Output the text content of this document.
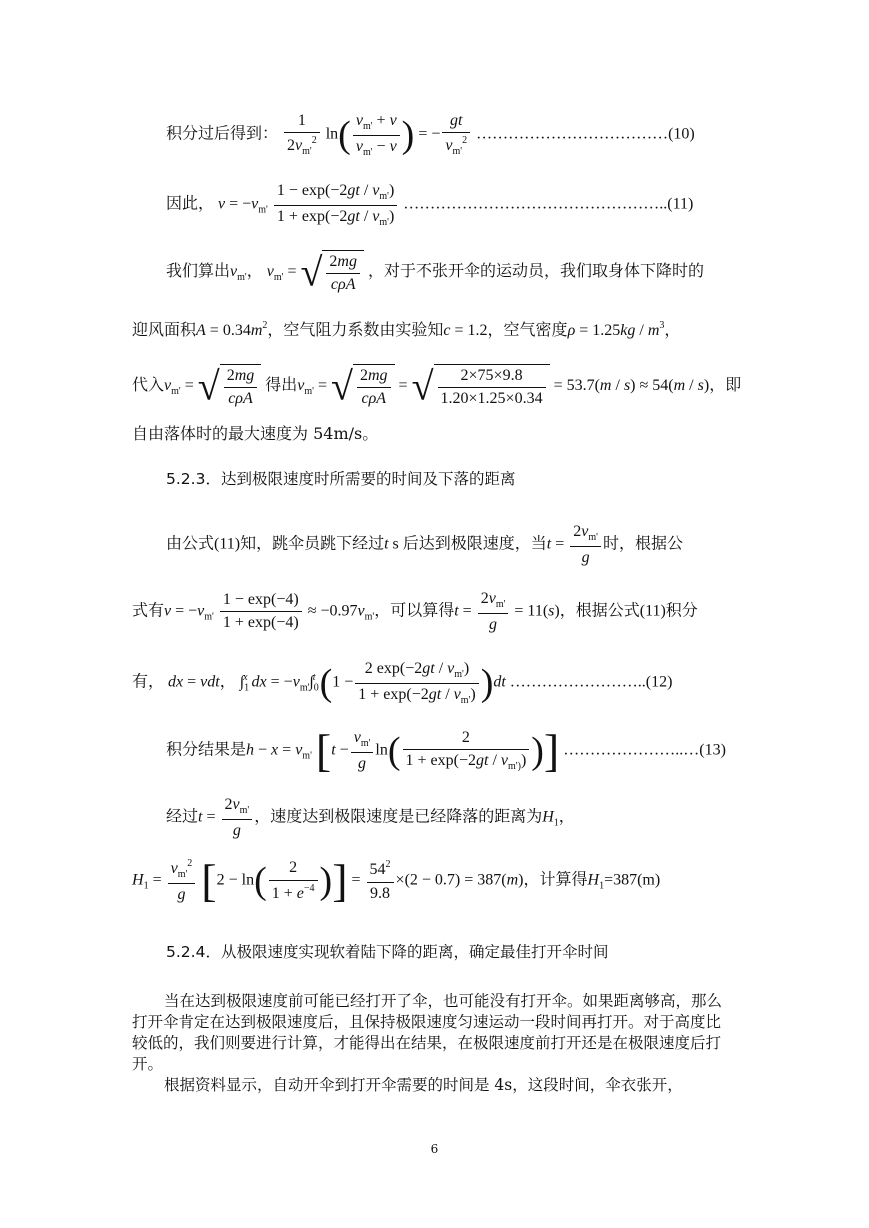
积分过后得到： $\frac{1}{2v_{m'}^2} \ln( \frac{v_{m'} + v}{v_{m'} - v}$ ) = − $\frac{gt}{v_{m'}^2}$ ………………………………(10)
因此， $v = -v_{m'} \frac{1 - \exp(-2gt / v_{m'})}{1 + \exp(-2gt / v_{m'})}$ …………………………………………..(11)
我们算出$v_{m'}$， $v_{m'}$ = √ $\frac{2mg}{\text{cρA}}$ ，对于不张开伞的运动员，我们取身体下降时的
迎风面积$A = 0.34m^2$，空气阻力系数由实验知c = 1.2，空气密度$\rho = 1.25kg / m^3$，
代入$v_{m'}$ = √ $\frac{2mg}{\text{cρA}}$ 得出$v_{m'}$ = √ $\frac{2mg}{\text{cρA}}$ = √ $\frac{2\times 75\times 9.8}{1.20\times 1.25\times 0.34} = 53.7(m / s) \approx 54(m / s)$，即
自由落体时的最大速度为 54m/s。
5.2.3．达到极限速度时所需要的时间及下落的距离
由公式(11)知，跳伞员跳下经过t s 后达到极限速度，当$t = \frac{2v_{m'}}{g}$ 时，根据公
式有$v = -v_{m'} \frac{1 - \exp(-4)}{1 + \exp(-4)} \approx -0.97v_{m'}$，可以算得$t = \frac{2v_{m'}}{g} = 11(s)$，根据公式(11)积分
有， dx = vdt， $\int_1^x$ dx = $-v_{m'}\int_0^t$ $(1 - \frac{2 \exp(-2gt / v_{m'})}{1 + \exp(-2gt / v_{m'})} )dt$ ……………………..(12)
积分结果是$h - x = v_{m'}$ [$t - \frac{v_{m'}}{g} \ln( \frac{2}{1 + \exp(-2gt / v_{m')})}$ )] …………………..…(13)
经过$t = \frac{2v_{m'}}{g}$ ，速度达到极限速度是已经降落的距离为$H_1$，
$H_1 = \frac{v_{m'}^2}{g} [2 - \ln( \frac{2}{1 + e^{-4}}$ )] = $\frac{54^2}{9.8} \times(2 - 0.7) = 387(m)$，计算得$H_1=387(m)$
5.2.4．从极限速度实现软着陆下降的距离，确定最佳打开伞时间

当在达到极限速度前可能已经打开了伞，也可能没有打开伞。如果距离够高，那么打开伞肯定在达到极限速度后，且保持极限速度匀速运动一段时间再打开。对于高度比较低的，我们则要进行计算，才能得出在结果，在极限速度前打开还是在极限速度后打开。

根据资料显示，自动开伞到打开伞需要的时间是 4s，这段时间，伞衣张开，

6
